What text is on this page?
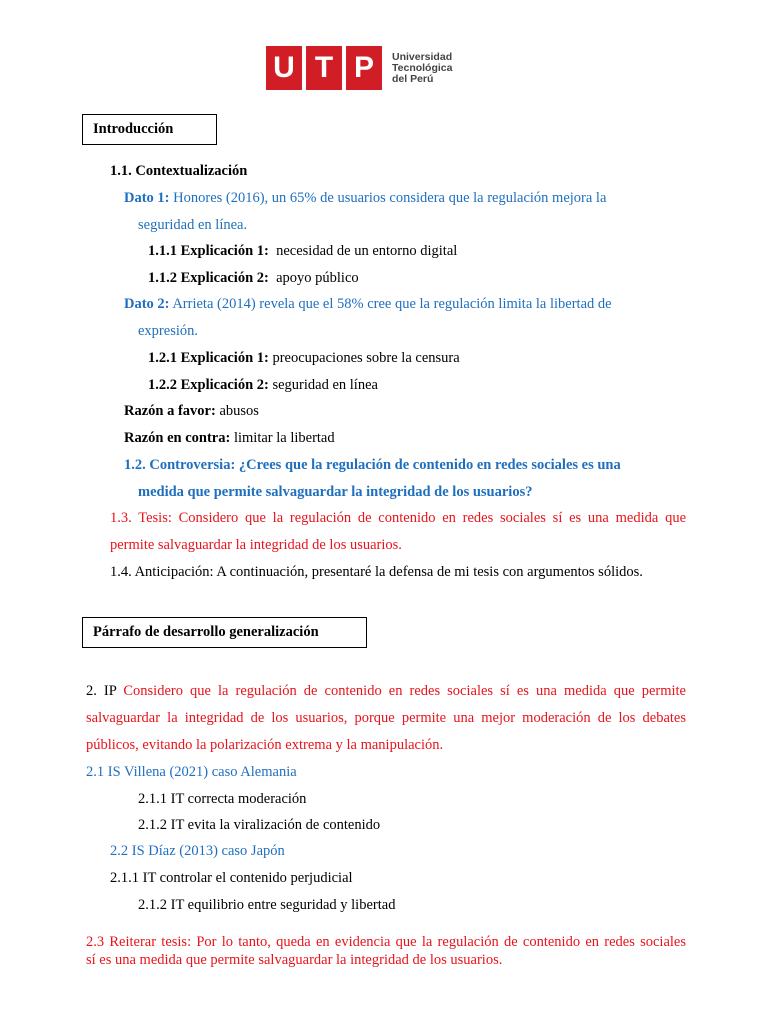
U T P	Universidad
Tecnológica
del Perú
Introducción
1.1. Contextualización
Dato 1: Honores (2016), un 65% de usuarios considera que la regulación mejora la
seguridad en línea.
1.1.1 Explicación 1:  necesidad de un entorno digital
1.1.2 Explicación 2:  apoyo público
Dato 2: Arrieta (2014) revela que el 58% cree que la regulación limita la libertad de
expresión.
1.2.1 Explicación 1: preocupaciones sobre la censura
1.2.2 Explicación 2: seguridad en línea
Razón a favor: abusos
Razón en contra: limitar la libertad
1.2. Controversia: ¿Crees que la regulación de contenido en redes sociales es una
medida que permite salvaguardar la integridad de los usuarios?
1.3. Tesis: Considero que la regulación de contenido en redes sociales sí es una medida que
permite salvaguardar la integridad de los usuarios.
1.4. Anticipación: A continuación, presentaré la defensa de mi tesis con argumentos sólidos.
Párrafo de desarrollo generalización
2. IP Considero que la regulación de contenido en redes sociales sí es una medida que permite
salvaguardar la integridad de los usuarios, porque permite una mejor moderación de los debates
públicos, evitando la polarización extrema y la manipulación.
2.1 IS Villena (2021) caso Alemania
2.1.1 IT correcta moderación
2.1.2 IT evita la viralización de contenido
2.2 IS Díaz (2013) caso Japón
2.1.1 IT controlar el contenido perjudicial
2.1.2 IT equilibrio entre seguridad y libertad
2.3 Reiterar tesis: Por lo tanto, queda en evidencia que la regulación de contenido en redes sociales
sí es una medida que permite salvaguardar la integridad de los usuarios.
